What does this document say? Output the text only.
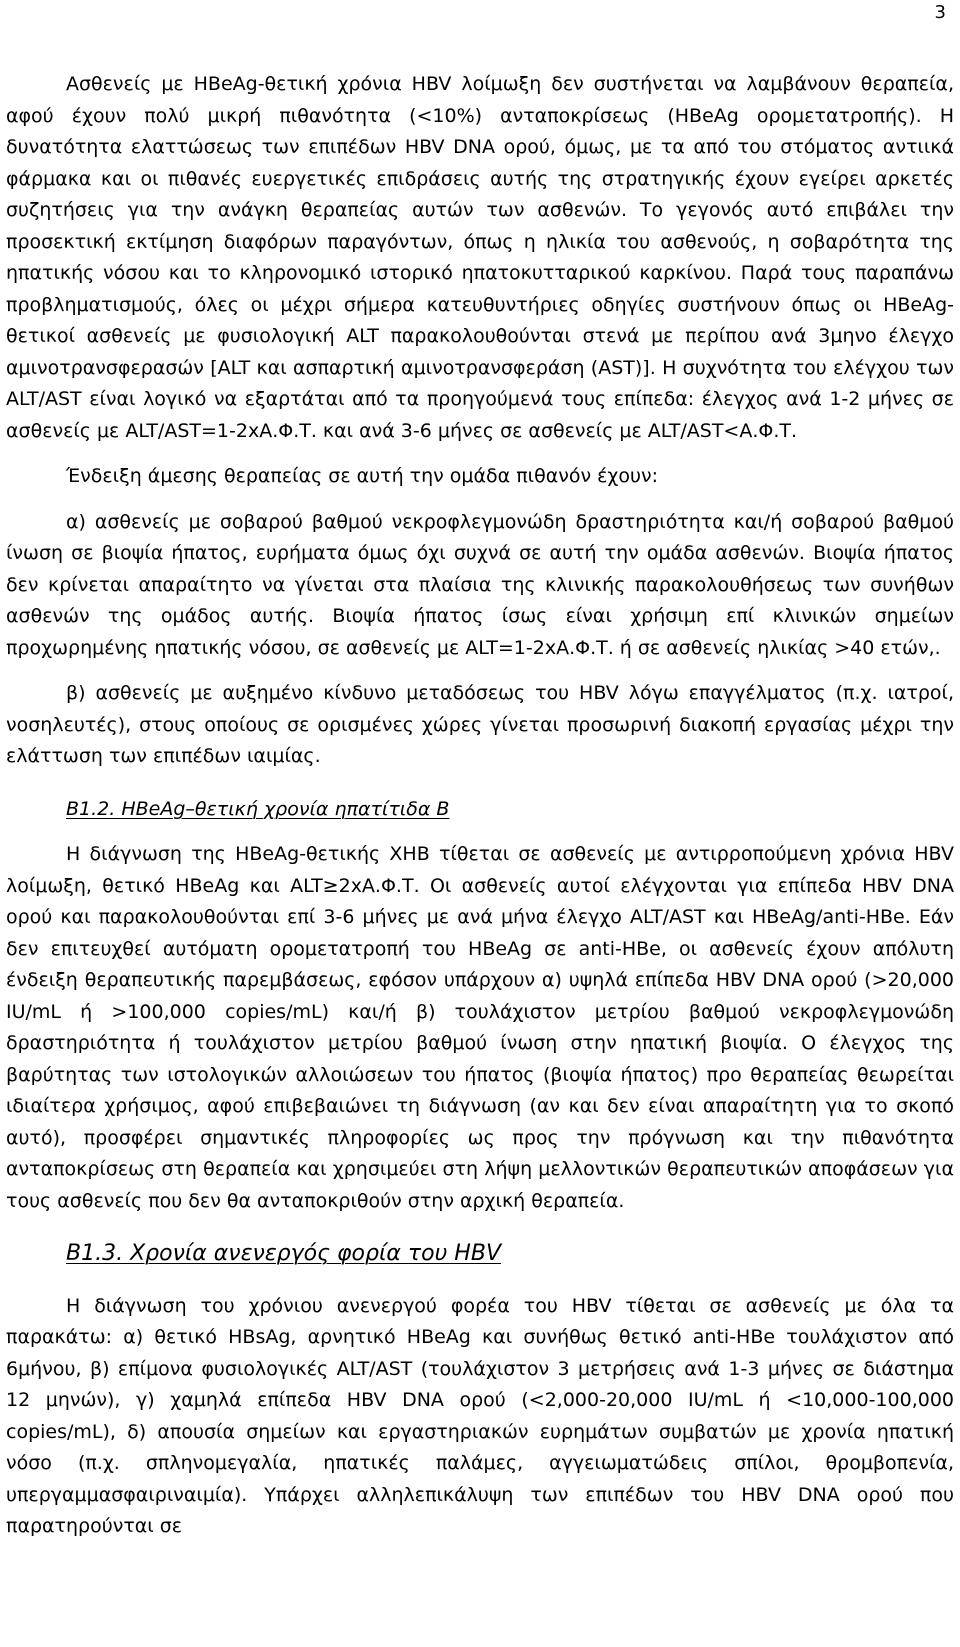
3

Ασθενείς με HBeAg-θετική χρόνια HBV λοίμωξη δεν συστήνεται να λαμβάνουν θεραπεία, αφού έχουν πολύ μικρή πιθανότητα (<10%) ανταποκρίσεως (HBeAg ορομετατροπής). Η δυνατότητα ελαττώσεως των επιπέδων HBV DNA ορού, όμως, με τα από του στόματος αντιικά φάρμακα και οι πιθανές ευεργετικές επιδράσεις αυτής της στρατηγικής έχουν εγείρει αρκετές συζητήσεις για την ανάγκη θεραπείας αυτών των ασθενών. Το γεγονός αυτό επιβάλει την προσεκτική εκτίμηση διαφόρων παραγόντων, όπως η ηλικία του ασθενούς, η σοβαρότητα της ηπατικής νόσου και το κληρονομικό ιστορικό ηπατοκυτταρικού καρκίνου. Παρά τους παραπάνω προβληματισμούς, όλες οι μέχρι σήμερα κατευθυντήριες οδηγίες συστήνουν όπως οι HBeAg-θετικοί ασθενείς με φυσιολογική ALT παρακολουθούνται στενά με περίπου ανά 3μηνο έλεγχο αμινοτρανσφερασών [ALT και ασπαρτική αμινοτρανσφεράση (AST)]. Η συχνότητα του ελέγχου των ALT/AST είναι λογικό να εξαρτάται από τα προηγούμενά τους επίπεδα: έλεγχος ανά 1-2 μήνες σε ασθενείς με ALT/AST=1-2xΑ.Φ.Τ. και ανά 3-6 μήνες σε ασθενείς με ALT/AST<Α.Φ.Τ.

Ένδειξη άμεσης θεραπείας σε αυτή την ομάδα πιθανόν έχουν:

α) ασθενείς με σοβαρού βαθμού νεκροφλεγμονώδη δραστηριότητα και/ή σοβαρού βαθμού ίνωση σε βιοψία ήπατος, ευρήματα όμως όχι συχνά σε αυτή την ομάδα ασθενών. Βιοψία ήπατος δεν κρίνεται απαραίτητο να γίνεται στα πλαίσια της κλινικής παρακολουθήσεως των συνήθων ασθενών της ομάδος αυτής. Βιοψία ήπατος ίσως είναι χρήσιμη επί κλινικών σημείων προχωρημένης ηπατικής νόσου, σε ασθενείς με ALT=1-2xΑ.Φ.Τ. ή σε ασθενείς ηλικίας >40 ετών,.

β) ασθενείς με αυξημένο κίνδυνο μεταδόσεως του HBV λόγω επαγγέλματος (π.χ. ιατροί, νοσηλευτές), στους οποίους σε ορισμένες χώρες γίνεται προσωρινή διακοπή εργασίας μέχρι την ελάττωση των επιπέδων ιαιμίας.

Β1.2. HBeAg–θετική χρονία ηπατίτιδα Β

Η διάγνωση της HBeAg-θετικής XHB τίθεται σε ασθενείς με αντιρροπούμενη χρόνια HBV λοίμωξη, θετικό HBeAg και ALT≥2xΑ.Φ.Τ. Οι ασθενείς αυτοί ελέγχονται για επίπεδα HBV DNA ορού και παρακολουθούνται επί 3-6 μήνες με ανά μήνα έλεγχο ALT/AST και HBeAg/anti-HBe. Εάν δεν επιτευχθεί αυτόματη ορομετατροπή του HBeAg σε anti-HBe, οι ασθενείς έχουν απόλυτη ένδειξη θεραπευτικής παρεμβάσεως, εφόσον υπάρχουν α) υψηλά επίπεδα HBV DNA ορού (>20,000 IU/mL ή >100,000 copies/mL) και/ή β) τουλάχιστον μετρίου βαθμού νεκροφλεγμονώδη δραστηριότητα ή τουλάχιστον μετρίου βαθμού ίνωση στην ηπατική βιοψία. Ο έλεγχος της βαρύτητας των ιστολογικών αλλοιώσεων του ήπατος (βιοψία ήπατος) προ θεραπείας θεωρείται ιδιαίτερα χρήσιμος, αφού επιβεβαιώνει τη διάγνωση (αν και δεν είναι απαραίτητη για το σκοπό αυτό), προσφέρει σημαντικές πληροφορίες ως προς την πρόγνωση και την πιθανότητα ανταποκρίσεως στη θεραπεία και χρησιμεύει στη λήψη μελλοντικών θεραπευτικών αποφάσεων για τους ασθενείς που δεν θα ανταποκριθούν στην αρχική θεραπεία.

Β1.3. Χρονία ανενεργός φορία του HBV

Η διάγνωση του χρόνιου ανενεργού φορέα του HBV τίθεται σε ασθενείς με όλα τα παρακάτω: α) θετικό HBsAg, αρνητικό HBeAg και συνήθως θετικό anti-HBe τουλάχιστον από 6μήνου, β) επίμονα φυσιολογικές ALT/AST (τουλάχιστον 3 μετρήσεις ανά 1-3 μήνες σε διάστημα 12 μηνών), γ) χαμηλά επίπεδα HBV DNA ορού (<2,000-20,000 IU/mL ή <10,000-100,000 copies/mL), δ) απουσία σημείων και εργαστηριακών ευρημάτων συμβατών με χρονία ηπατική νόσο (π.χ. σπληνομεγαλία, ηπατικές παλάμες, αγγειωματώδεις σπίλοι, θρομβοπενία, υπεργαμμασφαιριναιμία). Υπάρχει αλληλεπικάλυψη των επιπέδων του HBV DNA ορού που παρατηρούνται σε
